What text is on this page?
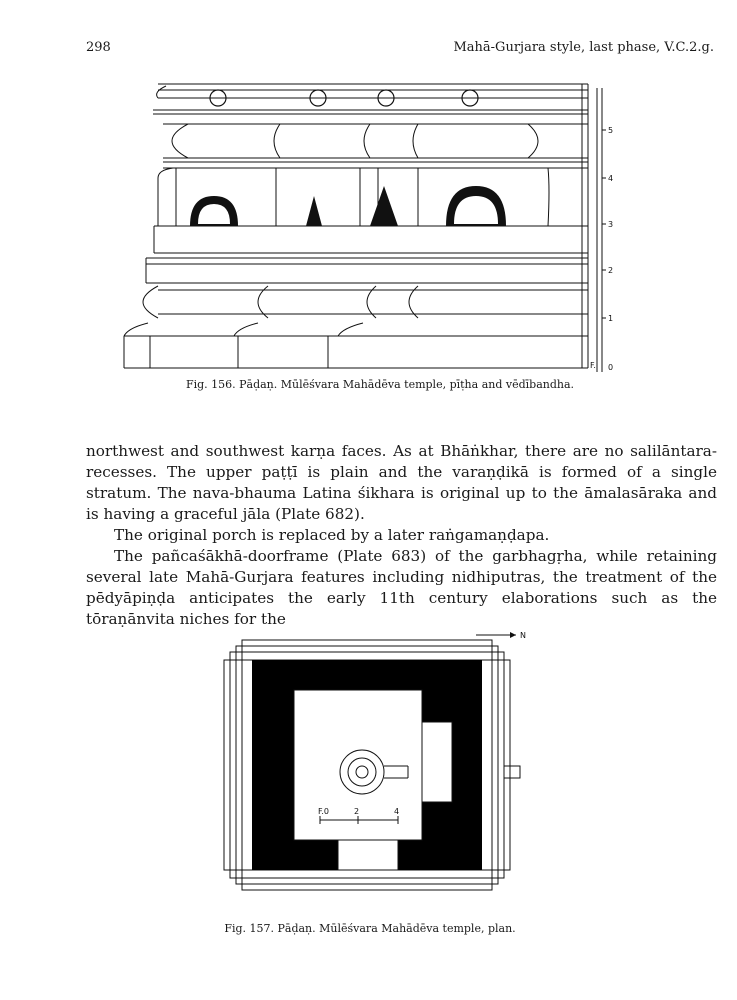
298	Mahā-Gurjara style, last phase, V.C.2.g.
5
4
3
2
1
0
F.
Fig. 156. Pāḍaṇ. Mūlēśvara Mahādēva temple, pīṭha and vēdībandha.

northwest and southwest karṇa faces. As at Bhāṅkhar, there are no salilāntara-recesses. The upper paṭṭī is plain and the varaṇḍikā is formed of a single stratum. The nava-bhauma Latina śikhara is original up to the āmalasāraka and is having a graceful jāla (Plate 682).

The original porch is replaced by a later raṅgamaṇḍapa.

The pañcaśākhā-doorframe (Plate 683) of the garbhagṛha, while retaining several late Mahā-Gurjara features including nidhiputras, the treatment of the pēdyāpiṇḍa anticipates the early 11th century elaborations such as the tōraṇānvita niches for the

N
F.0	2	4
Fig. 157. Pāḍaṇ. Mūlēśvara Mahādēva temple, plan.
